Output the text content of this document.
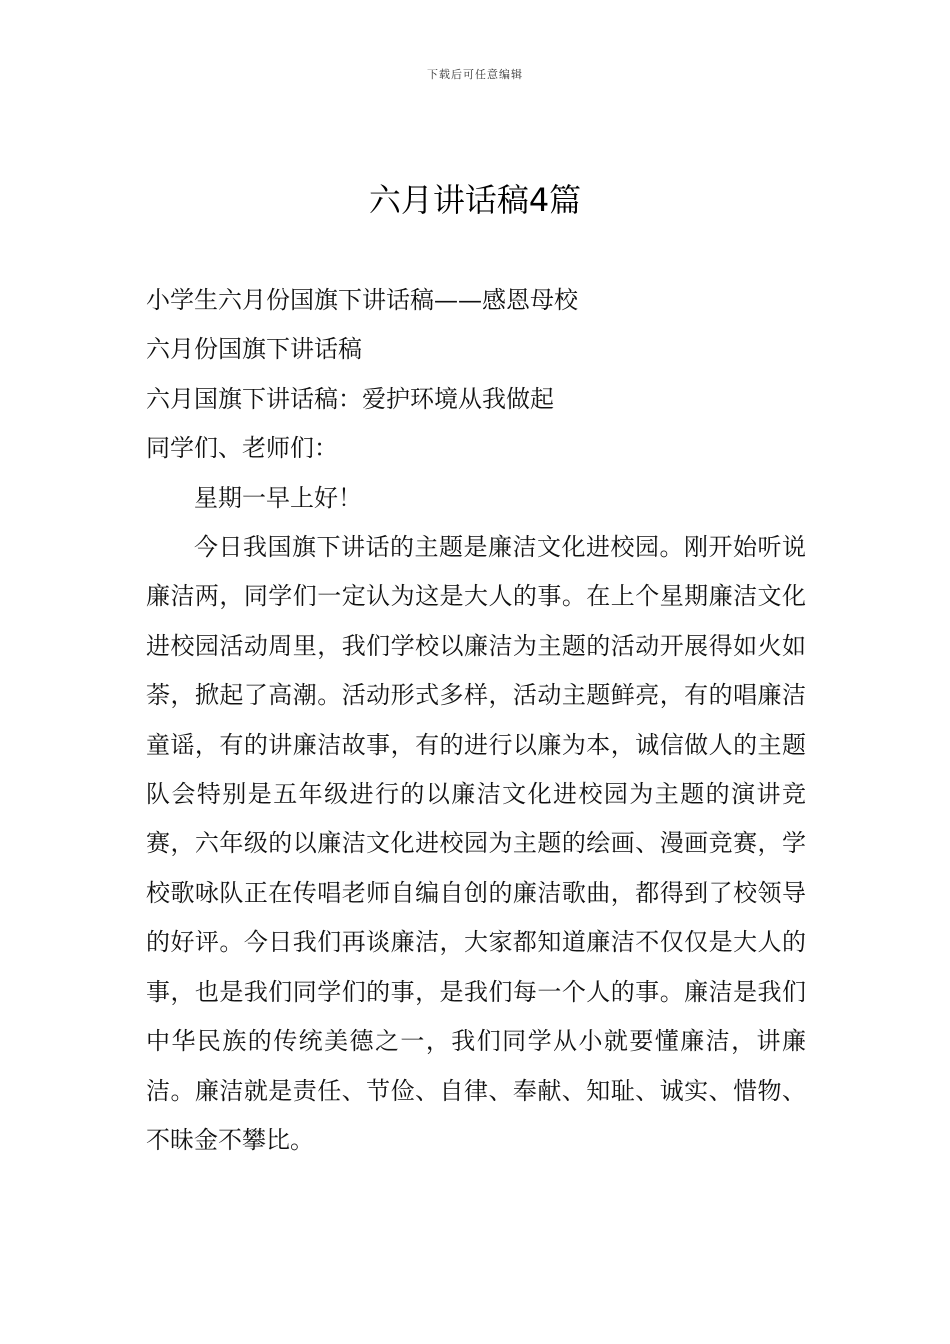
下载后可任意编辑
六月讲话稿4篇

小学生六月份国旗下讲话稿——感恩母校

六月份国旗下讲话稿

六月国旗下讲话稿：爱护环境从我做起

同学们、老师们：

星期一早上好！

今日我国旗下讲话的主题是廉洁文化进校园。刚开始听说廉洁两，同学们一定认为这是大人的事。在上个星期廉洁文化进校园活动周里，我们学校以廉洁为主题的活动开展得如火如荼，掀起了高潮。活动形式多样，活动主题鲜亮，有的唱廉洁童谣，有的讲廉洁故事，有的进行以廉为本，诚信做人的主题队会特别是五年级进行的以廉洁文化进校园为主题的演讲竞赛，六年级的以廉洁文化进校园为主题的绘画、漫画竞赛，学校歌咏队正在传唱老师自编自创的廉洁歌曲，都得到了校领导的好评。今日我们再谈廉洁，大家都知道廉洁不仅仅是大人的事，也是我们同学们的事，是我们每一个人的事。廉洁是我们中华民族的传统美德之一，我们同学从小就要懂廉洁，讲廉洁。廉洁就是责任、节俭、自律、奉献、知耻、诚实、惜物、不昧金不攀比。
